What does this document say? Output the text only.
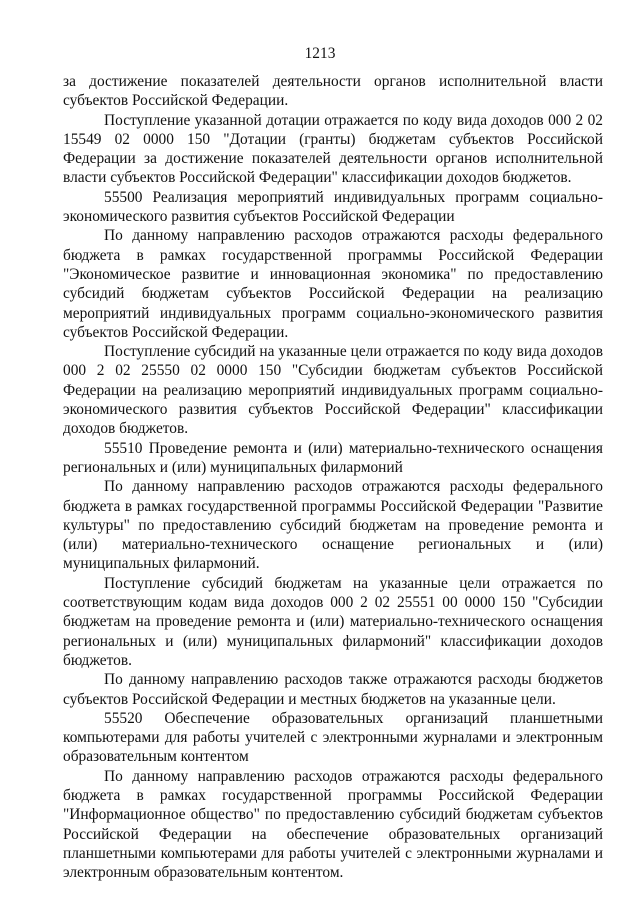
1213

за достижение показателей деятельности органов исполнительной власти субъектов Российской Федерации.

Поступление указанной дотации отражается по коду вида доходов 000 2 02 15549 02 0000 150 "Дотации (гранты) бюджетам субъектов Российской Федерации за достижение показателей деятельности органов исполнительной власти субъектов Российской Федерации" классификации доходов бюджетов.

55500 Реализация мероприятий индивидуальных программ социально-экономического развития субъектов Российской Федерации

По данному направлению расходов отражаются расходы федерального бюджета в рамках государственной программы Российской Федерации "Экономическое развитие и инновационная экономика" по предоставлению субсидий бюджетам субъектов Российской Федерации на реализацию мероприятий индивидуальных программ социально-экономического развития субъектов Российской Федерации.

Поступление субсидий на указанные цели отражается по коду вида доходов 000 2 02 25550 02 0000 150 "Субсидии бюджетам субъектов Российской Федерации на реализацию мероприятий индивидуальных программ социально-экономического развития субъектов Российской Федерации" классификации доходов бюджетов.

55510 Проведение ремонта и (или) материально-технического оснащения региональных и (или) муниципальных филармоний

По данному направлению расходов отражаются расходы федерального бюджета в рамках государственной программы Российской Федерации "Развитие культуры" по предоставлению субсидий бюджетам на проведение ремонта и (или) материально-технического оснащение региональных и (или) муниципальных филармоний.

Поступление субсидий бюджетам на указанные цели отражается по соответствующим кодам вида доходов 000 2 02 25551 00 0000 150 "Субсидии бюджетам на проведение ремонта и (или) материально-технического оснащения региональных и (или) муниципальных филармоний" классификации доходов бюджетов.

По данному направлению расходов также отражаются расходы бюджетов субъектов Российской Федерации и местных бюджетов на указанные цели.

55520 Обеспечение образовательных организаций планшетными компьютерами для работы учителей с электронными журналами и электронным образовательным контентом

По данному направлению расходов отражаются расходы федерального бюджета в рамках государственной программы Российской Федерации "Информационное общество" по предоставлению субсидий бюджетам субъектов Российской Федерации на обеспечение образовательных организаций планшетными компьютерами для работы учителей с электронными журналами и электронным образовательным контентом.
